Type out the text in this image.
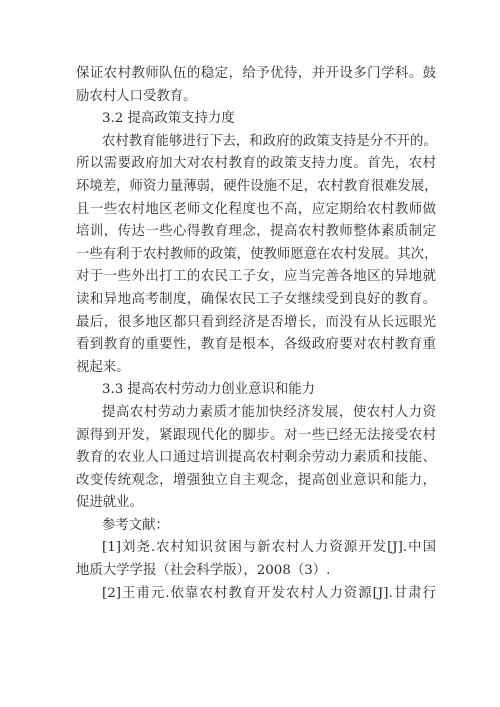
保证农村教师队伍的稳定，给予优待，并开设多门学科。鼓
励农村人口受教育。
3.2 提高政策支持力度
农村教育能够进行下去，和政府的政策支持是分不开的。
所以需要政府加大对农村教育的政策支持力度。首先，农村
环境差，师资力量薄弱，硬件设施不足，农村教育很难发展，
且一些农村地区老师文化程度也不高，应定期给农村教师做
培训，传达一些心得教育理念，提高农村教师整体素质制定
一些有利于农村教师的政策，使教师愿意在农村发展。其次，
对于一些外出打工的农民工子女，应当完善各地区的异地就
读和异地高考制度，确保农民工子女继续受到良好的教育。
最后，很多地区都只看到经济是否增长，而没有从长远眼光
看到教育的重要性，教育是根本，各级政府要对农村教育重
视起来。
3.3 提高农村劳动力创业意识和能力
提高农村劳动力素质才能加快经济发展，使农村人力资
源得到开发，紧跟现代化的脚步。对一些已经无法接受农村
教育的农业人口通过培训提高农村剩余劳动力素质和技能、
改变传统观念，增强独立自主观念，提高创业意识和能力，
促进就业。
参考文献：
[1]刘尧.农村知识贫困与新农村人力资源开发[J].中国
地质大学学报（社会科学版），2008（3）.
[2]王甫元.依靠农村教育开发农村人力资源[J].甘肃行
